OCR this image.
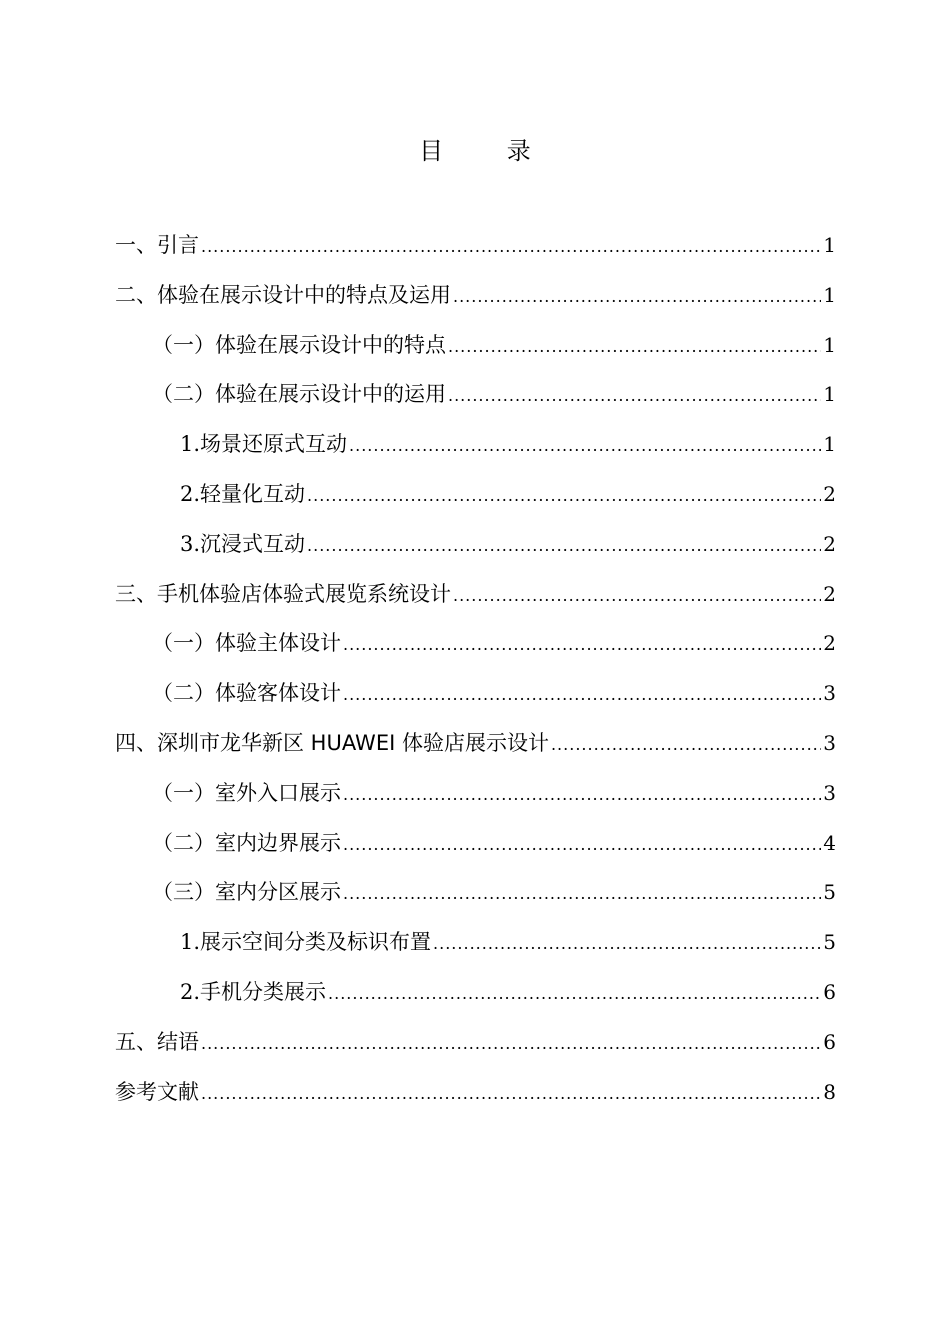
目 录
一、引言 .....	1
二、体验在展示设计中的特点及运用 .....	1
（一）体验在展示设计中的特点 .....	1
（二）体验在展示设计中的运用 .....	1
1.场景还原式互动 .....	1
2.轻量化互动 .....	2
3.沉浸式互动 .....	2
三、手机体验店体验式展览系统设计 .....	2
（一）体验主体设计 .....	2
（二）体验客体设计 .....	3
四、深圳市龙华新区 HUAWEI 体验店展示设计 .....	3
（一）室外入口展示 .....	3
（二）室内边界展示 .....	4
（三）室内分区展示 .....	5
1.展示空间分类及标识布置 .....	5
2.手机分类展示 .....	6
五、结语 .....	6
参考文献 .....	8
